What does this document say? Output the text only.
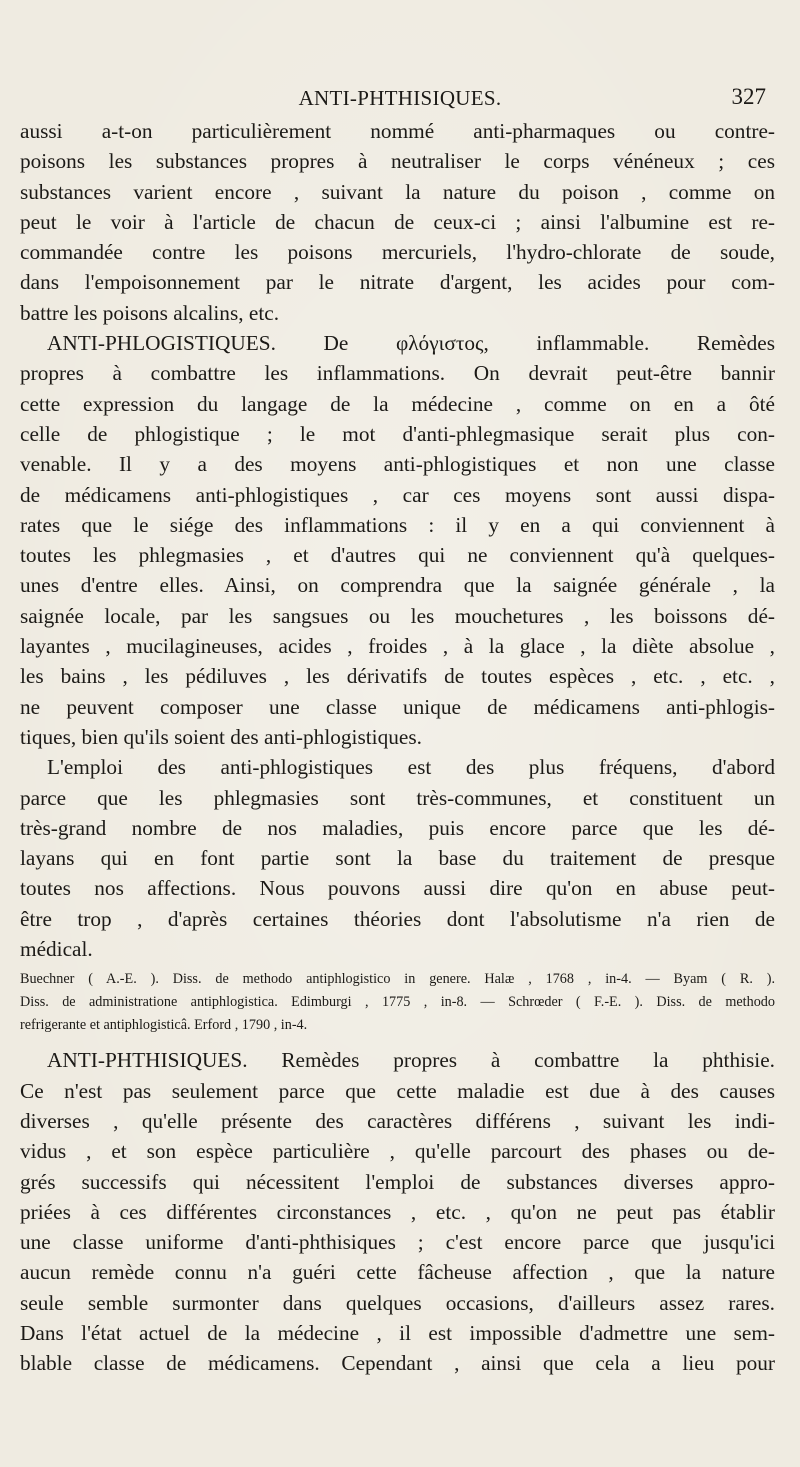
ANTI-PHTHISIQUES.	327
aussi a-t-on particulièrement nommé anti-pharmaques ou contre-
poisons les substances propres à neutraliser le corps vénéneux ; ces
substances varient encore , suivant la nature du poison , comme on
peut le voir à l'article de chacun de ceux-ci ; ainsi l'albumine est re-
commandée contre les poisons mercuriels, l'hydro-chlorate de soude,
dans l'empoisonnement par le nitrate d'argent, les acides pour com-
battre les poisons alcalins, etc.
ANTI-PHLOGISTIQUES. De φλόγιστος, inflammable. Remèdes
propres à combattre les inflammations. On devrait peut-être bannir
cette expression du langage de la médecine , comme on en a ôté
celle de phlogistique ; le mot d'anti-phlegmasique serait plus con-
venable. Il y a des moyens anti-phlogistiques et non une classe
de médicamens anti-phlogistiques , car ces moyens sont aussi dispa-
rates que le siége des inflammations : il y en a qui conviennent à
toutes les phlegmasies , et d'autres qui ne conviennent qu'à quelques-
unes d'entre elles. Ainsi, on comprendra que la saignée générale , la
saignée locale, par les sangsues ou les mouchetures , les boissons dé-
layantes , mucilagineuses, acides , froides , à la glace , la diète absolue ,
les bains , les pédiluves , les dérivatifs de toutes espèces , etc. , etc. ,
ne peuvent composer une classe unique de médicamens anti-phlogis-
tiques, bien qu'ils soient des anti-phlogistiques.
L'emploi des anti-phlogistiques est des plus fréquens, d'abord
parce que les phlegmasies sont très-communes, et constituent un
très-grand nombre de nos maladies, puis encore parce que les dé-
layans qui en font partie sont la base du traitement de presque
toutes nos affections. Nous pouvons aussi dire qu'on en abuse peut-
être trop , d'après certaines théories dont l'absolutisme n'a rien de
médical.
Buechner ( A.-E. ). Diss. de methodo antiphlogistico in genere. Halæ , 1768 , in-4. — Byam ( R. ).
Diss. de administratione antiphlogistica. Edimburgi , 1775 , in-8. — Schrœder ( F.-E. ). Diss. de methodo
refrigerante et antiphlogisticâ. Erford , 1790 , in-4.
ANTI-PHTHISIQUES. Remèdes propres à combattre la phthisie.
Ce n'est pas seulement parce que cette maladie est due à des causes
diverses , qu'elle présente des caractères différens , suivant les indi-
vidus , et son espèce particulière , qu'elle parcourt des phases ou de-
grés successifs qui nécessitent l'emploi de substances diverses appro-
priées à ces différentes circonstances , etc. , qu'on ne peut pas établir
une classe uniforme d'anti-phthisiques ; c'est encore parce que jusqu'ici
aucun remède connu n'a guéri cette fâcheuse affection , que la nature
seule semble surmonter dans quelques occasions, d'ailleurs assez rares.
Dans l'état actuel de la médecine , il est impossible d'admettre une sem-
blable classe de médicamens. Cependant , ainsi que cela a lieu pour
